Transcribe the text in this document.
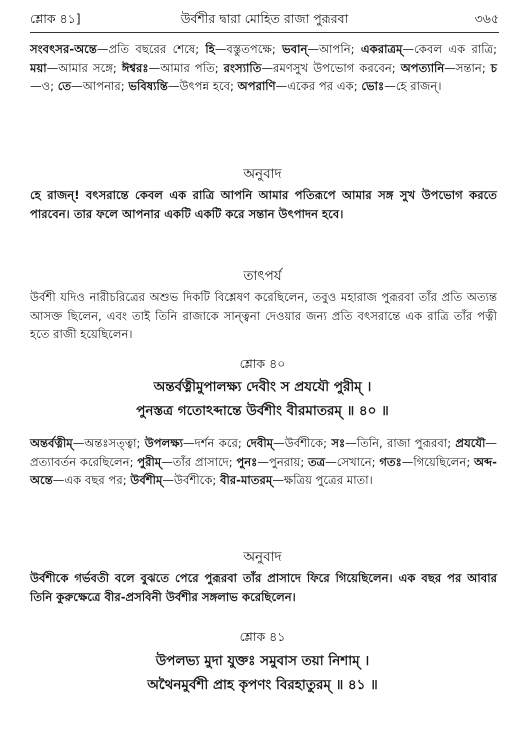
শ্লোক ৪১]	উর্বশীর দ্বারা মোহিত রাজা পুরূরবা	৩৬৫
সংবৎসর-অন্তে—প্রতি বছরের শেষে; হি—বস্তুতপক্ষে; ভবান্—আপনি; একরাত্রম্—কেবল এক রাত্রি; ময়া—আমার সঙ্গে; ঈশ্বরঃ—আমার পতি; রংস্যাতি—রমণসুখ উপভোগ করবেন; অপত্যানি—সন্তান; চ—ও; তে—আপনার; ভবিষ্যন্তি—উৎপন্ন হবে; অপরাণি—একের পর এক; ভোঃ—হে রাজন্।
অনুবাদ
হে রাজন্! বৎসরান্তে কেবল এক রাত্রি আপনি আমার পতিরূপে আমার সঙ্গ সুখ উপভোগ করতে পারবেন। তার ফলে আপনার একটি একটি করে সন্তান উৎপাদন হবে।
তাৎপর্য
উর্বশী যদিও নারীচরিত্রের অশুভ দিকটি বিশ্লেষণ করেছিলেন, তবুও মহারাজ পুরূরবা তাঁর প্রতি অত্যন্ত আসক্ত ছিলেন, এবং তাই তিনি রাজাকে সান্ত্বনা দেওয়ার জন্য প্রতি বৎসরান্তে এক রাত্রি তাঁর পত্নী হতে রাজী হয়েছিলেন।
শ্লোক ৪০
অন্তর্বত্নীমুপালক্ষ্য দেবীং স প্রযযৌ পুরীম্ ।
পুনস্তত্র গতোঽব্দান্তে উর্বশীং বীরমাতরম্ ॥ ৪০ ॥
অন্তর্বত্নীম্—অন্তঃসত্ত্বা; উপলক্ষ্য—দর্শন করে; দেবীম্—উর্বশীকে; সঃ—তিনি, রাজা পুরূরবা; প্রযযৌ—প্রত্যাবর্তন করেছিলেন; পুরীম্—তাঁর প্রাসাদে; পুনঃ—পুনরায়; তত্র—সেখানে; গতঃ—গিয়েছিলেন; অব্দ-অন্তে—এক বছর পর; উর্বশীম্—উর্বশীকে; বীর-মাতরম্—ক্ষত্রিয় পুত্রের মাতা।
অনুবাদ
উর্বশীকে গর্ভবতী বলে বুঝতে পেরে পুরূরবা তাঁর প্রাসাদে ফিরে গিয়েছিলেন। এক বছর পর আবার তিনি কুরুক্ষেত্রে বীর-প্রসবিনী উর্বশীর সঙ্গলাভ করেছিলেন।
শ্লোক ৪১
উপলভ্য মুদা যুক্তঃ সমুবাস তয়া নিশাম্ ।
অথৈনমুর্বশী প্রাহ কৃপণং বিরহাতুরম্ ॥ ৪১ ॥
